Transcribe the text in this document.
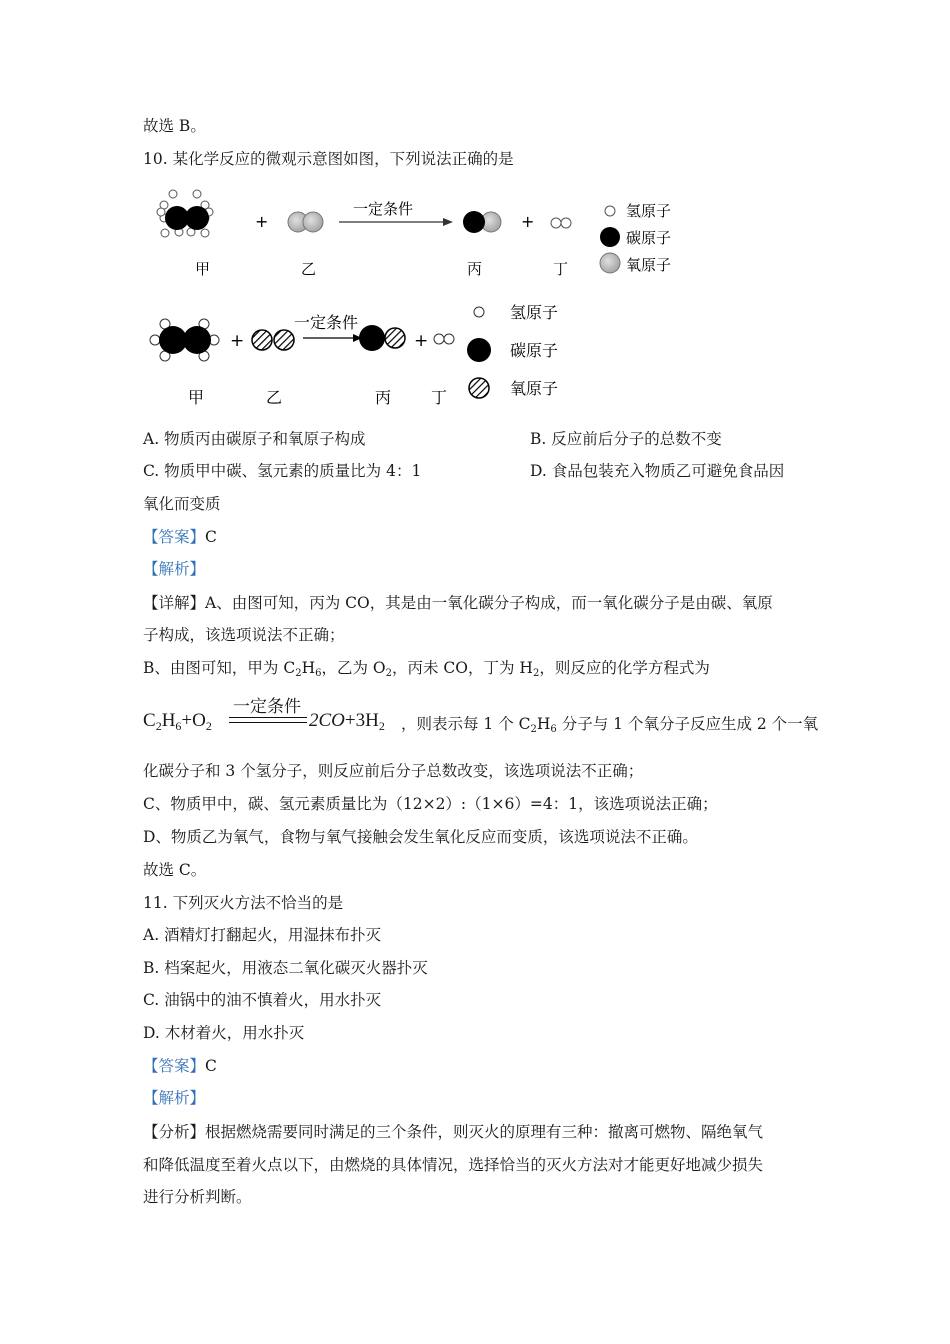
故选 B。
10. 某化学反应的微观示意图如图，下列说法正确的是
+
一定条件
+
甲	乙	丙	丁
氢原子
碳原子
氧原子
+
一定条件
+
甲	乙	丙 丁
氢原子
碳原子
氧原子
A. 物质丙由碳原子和氧原子构成	B. 反应前后分子的总数不变
C. 物质甲中碳、氢元素的质量比为 4：1	D. 食品包装充入物质乙可避免食品因
氧化而变质
【答案】C
【解析】
【详解】A、由图可知，丙为 CO，其是由一氧化碳分子构成，而一氧化碳分子是由碳、氧原
子构成，该选项说法不正确；
B、由图可知，甲为 $C_2H_6$，乙为 $O_2$，丙未 CO，丁为 $H_2$，则反应的化学方程式为
$C_2H_6+O_2$
一定条件
$2CO+3H_2$ ，则表示每 1 个 $C_2H_6$ 分子与 1 个氧分子反应生成 2 个一氧
化碳分子和 3 个氢分子，则反应前后分子总数改变，该选项说法不正确；
C、物质甲中，碳、氢元素质量比为（12×2）:（1×6）=4：1，该选项说法正确；
D、物质乙为氧气，食物与氧气接触会发生氧化反应而变质，该选项说法不正确。
故选 C。
11. 下列灭火方法不恰当的是
A. 酒精灯打翻起火，用湿抹布扑灭
B. 档案起火，用液态二氧化碳灭火器扑灭
C. 油锅中的油不慎着火，用水扑灭
D. 木材着火，用水扑灭
【答案】C
【解析】
【分析】根据燃烧需要同时满足的三个条件，则灭火的原理有三种：撤离可燃物、隔绝氧气
和降低温度至着火点以下，由燃烧的具体情况，选择恰当的灭火方法对才能更好地减少损失
进行分析判断。
